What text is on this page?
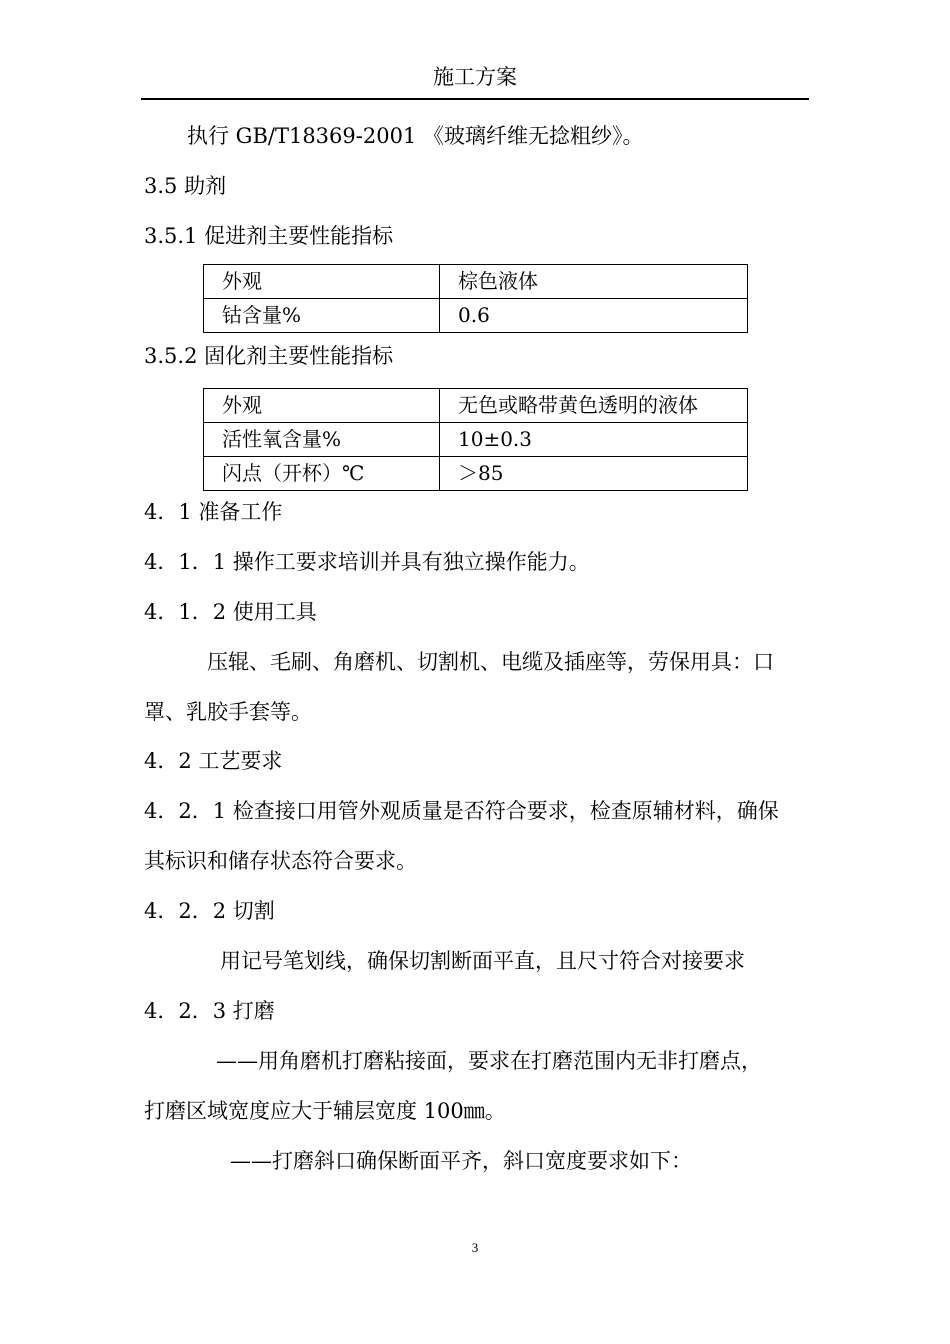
施工方案
执行 GB/T18369-2001 《玻璃纤维无捻粗纱》。
3.5 助剂
3.5.1 促进剂主要性能指标
外观	棕色液体
钴含量%	0.6
3.5.2 固化剂主要性能指标
外观	无色或略带黄色透明的液体
活性氧含量%	10±0.3
闪点（开杯）℃	＞85
4．1 准备工作
4．1．1 操作工要求培训并具有独立操作能力。
4．1．2 使用工具
压辊、毛刷、角磨机、切割机、电缆及插座等，劳保用具：口
罩、乳胶手套等。
4．2 工艺要求
4．2．1 检查接口用管外观质量是否符合要求，检查原辅材料，确保
其标识和储存状态符合要求。
4．2．2 切割
用记号笔划线，确保切割断面平直，且尺寸符合对接要求
4．2．3 打磨
——用角磨机打磨粘接面，要求在打磨范围内无非打磨点，
打磨区域宽度应大于辅层宽度 100㎜。
——打磨斜口确保断面平齐，斜口宽度要求如下：
3
